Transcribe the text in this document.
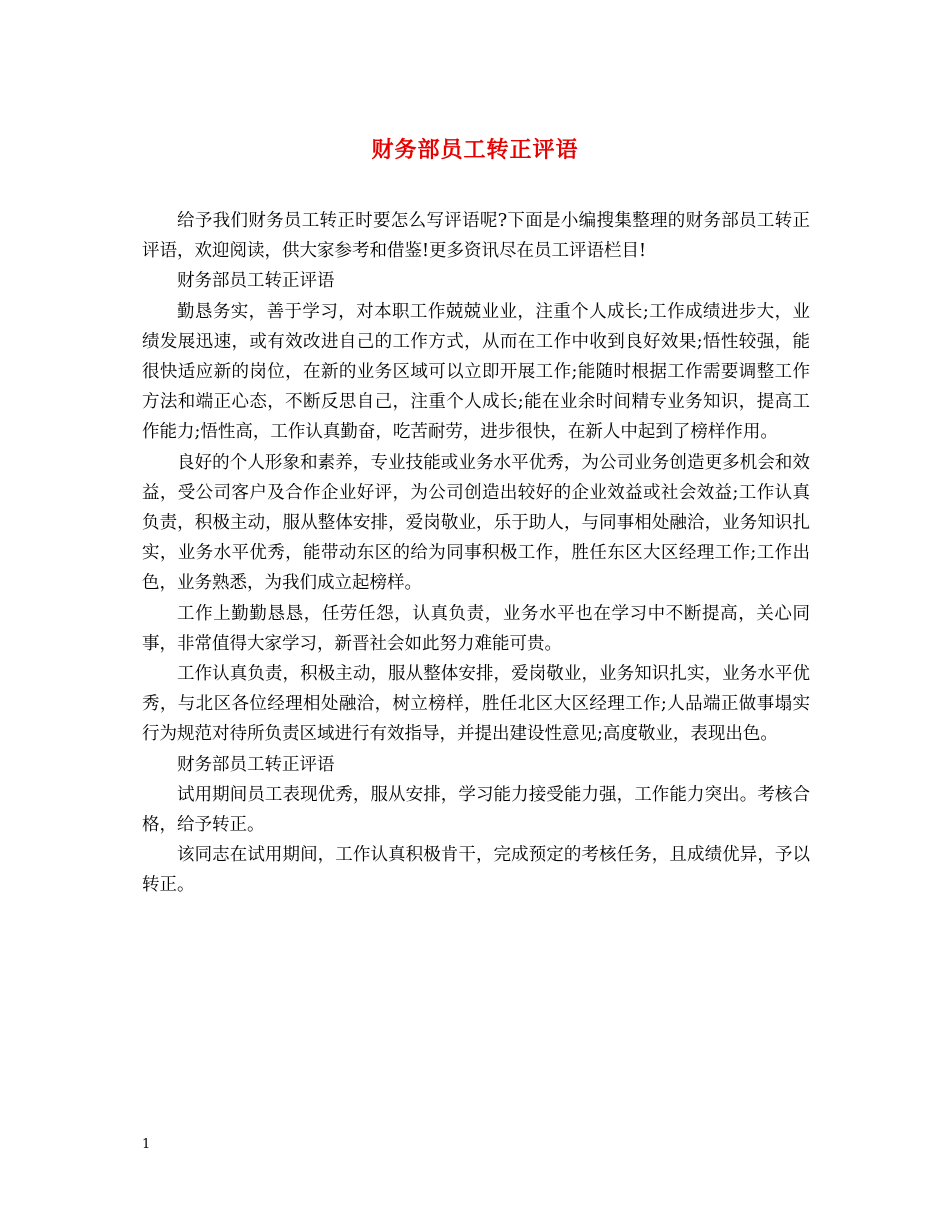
财务部员工转正评语

给予我们财务员工转正时要怎么写评语呢?下面是小编搜集整理的财务部员工转正评语，欢迎阅读，供大家参考和借鉴!更多资讯尽在员工评语栏目!

财务部员工转正评语

勤恳务实，善于学习，对本职工作兢兢业业，注重个人成长;工作成绩进步大，业绩发展迅速，或有效改进自己的工作方式，从而在工作中收到良好效果;悟性较强，能很快适应新的岗位，在新的业务区域可以立即开展工作;能随时根据工作需要调整工作方法和端正心态，不断反思自己，注重个人成长;能在业余时间精专业务知识，提高工作能力;悟性高，工作认真勤奋，吃苦耐劳，进步很快，在新人中起到了榜样作用。

良好的个人形象和素养，专业技能或业务水平优秀，为公司业务创造更多机会和效益，受公司客户及合作企业好评，为公司创造出较好的企业效益或社会效益;工作认真负责，积极主动，服从整体安排，爱岗敬业，乐于助人，与同事相处融洽，业务知识扎实，业务水平优秀，能带动东区的给为同事积极工作，胜任东区大区经理工作;工作出色，业务熟悉，为我们成立起榜样。

工作上勤勤恳恳，任劳任怨，认真负责，业务水平也在学习中不断提高，关心同事，非常值得大家学习，新晋社会如此努力难能可贵。

工作认真负责，积极主动，服从整体安排，爱岗敬业，业务知识扎实，业务水平优秀，与北区各位经理相处融洽，树立榜样，胜任北区大区经理工作;人品端正做事塌实行为规范对待所负责区域进行有效指导，并提出建设性意见;高度敬业，表现出色。

财务部员工转正评语

试用期间员工表现优秀，服从安排，学习能力接受能力强，工作能力突出。考核合格，给予转正。

该同志在试用期间，工作认真积极肯干，完成预定的考核任务，且成绩优异，予以转正。

1
